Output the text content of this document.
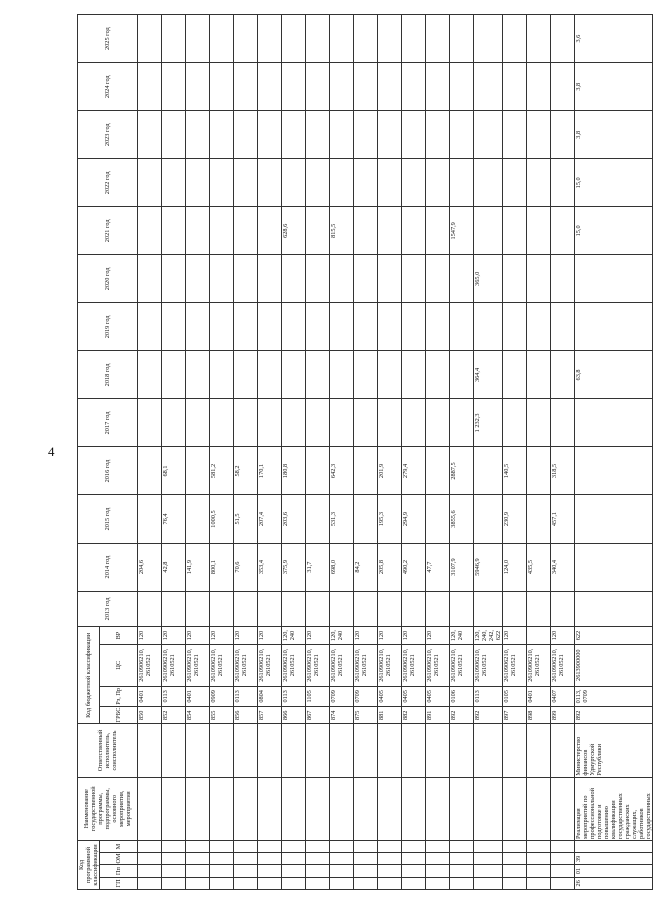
4
Код программной классификации				Наименование государственной программы, подпрограммы, основного мероприятия, мероприятия	Ответственный исполнитель, соисполнитель	Код бюджетной классификации				2013 год	2014 год	2015 год	2016 год	2017 год	2018 год	2019 год	2020 год	2021 год	2022 год	2023 год	2024 год	2025 год
ГП	Пп	ОМ	М			ГРБС	Рз, Пр	ЦС	ВР													
						850	0401	2610906210, 2610521	120		204,6											
						852	0113	2610906210, 2610521	120		42,8	76,4	68,1									
						854	0401	2610906210, 2610521	120		141,9											
						855	0909	2610906210, 2610521	120		800,1	1000,5	581,2									
						856	0113	2610906210, 2610521	120		70,6	51,5	58,2									
						857	0804	2610906210, 2610521	120		353,4	207,4	170,1									
						866	0113	2610906210, 2610521	120, 240		375,9	203,6	180,8					628,6				
						867	1105	2610906210, 2610521	120		31,7											
						874	0709	2610906210, 2610521	120, 240		698,0	531,3	642,3					815,5				
						875	0709	2610906210, 2610521	120		84,2											
						881	0405	2610906210, 2610521	120		205,8	195,3	201,9									
						882	0405	2610906210, 2610521	120		490,2	294,9	279,4									
						891	0405	2610906210, 2610521	120		47,7											
						892	0106	2610906210, 2610521	120, 240		3107,9	3855,6	2887,5					1547,9				
						892	0113	2610906210, 2610521	120, 240, 242, 622		5946,9			1 232,3	364,4		365,0					
						897	0105	2610906210, 2610521	120		124,0	230,9	140,5									
						898	0401	2610906210, 2610521			435,5											
						899	0407	2610906210, 2610521	120		340,4	457,1	318,5									
26	01	39		Реализация мероприятий по профессиональной подготовке и повышению квалификации государственных гражданских служащих, работников государственных	Министерство финансов Удмуртской Республики	892	0113, 0709	2613900000	622						63,8			15,0	15,0	3,8	3,8	3,6
